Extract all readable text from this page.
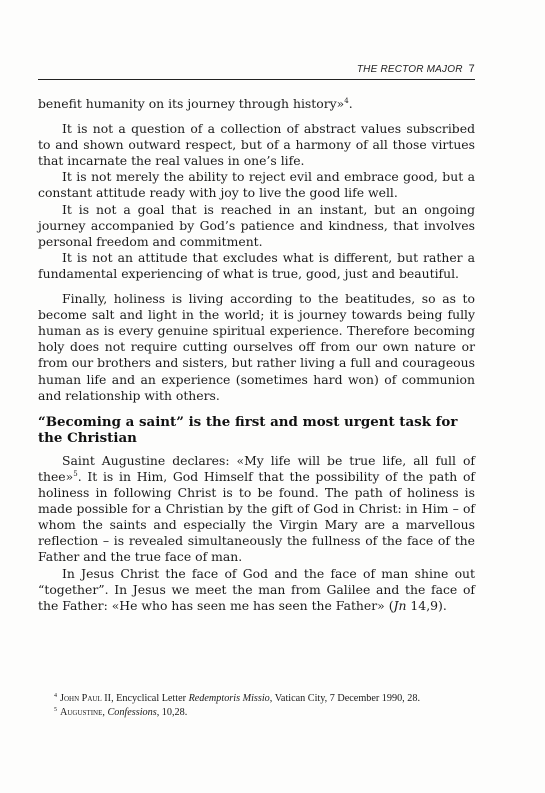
THE RECTOR MAJOR 7

benefit humanity on its journey through history»$^4$.

It is not a question of a collection of abstract values subscribed to and shown outward respect, but of a harmony of all those virtues that incarnate the real values in one’s life.

It is not merely the ability to reject evil and embrace good, but a constant attitude ready with joy to live the good life well.

It is not a goal that is reached in an instant, but an ongoing journey accompanied by God’s patience and kindness, that involves personal freedom and commitment.

It is not an attitude that excludes what is different, but rather a fundamental experiencing of what is true, good, just and beautiful.

Finally, holiness is living according to the beatitudes, so as to become salt and light in the world; it is journey towards being fully human as is every genuine spiritual experience. Therefore becoming holy does not require cutting ourselves off from our own nature or from our brothers and sisters, but rather living a full and courageous human life and an experience (sometimes hard won) of communion and relationship with others.

“Becoming a saint” is the first and most urgent task for the Christian

Saint Augustine declares: «My life will be true life, all full of thee»$^5$. It is in Him, God Himself that the possibility of the path of holiness in following Christ is to be found. The path of holiness is made possible for a Christian by the gift of God in Christ: in Him – of whom the saints and especially the Virgin Mary are a marvellous reflection – is revealed simultaneously the fullness of the face of the Father and the true face of man.

In Jesus Christ the face of God and the face of man shine out “together”. In Jesus we meet the man from Galilee and the face of the Father: «He who has seen me has seen the Father» (Jn 14,9).

$^4$ John Paul II, Encyclical Letter Redemptoris Missio, Vatican City, 7 December 1990, 28.

$^5$ Augustine, Confessions, 10,28.
